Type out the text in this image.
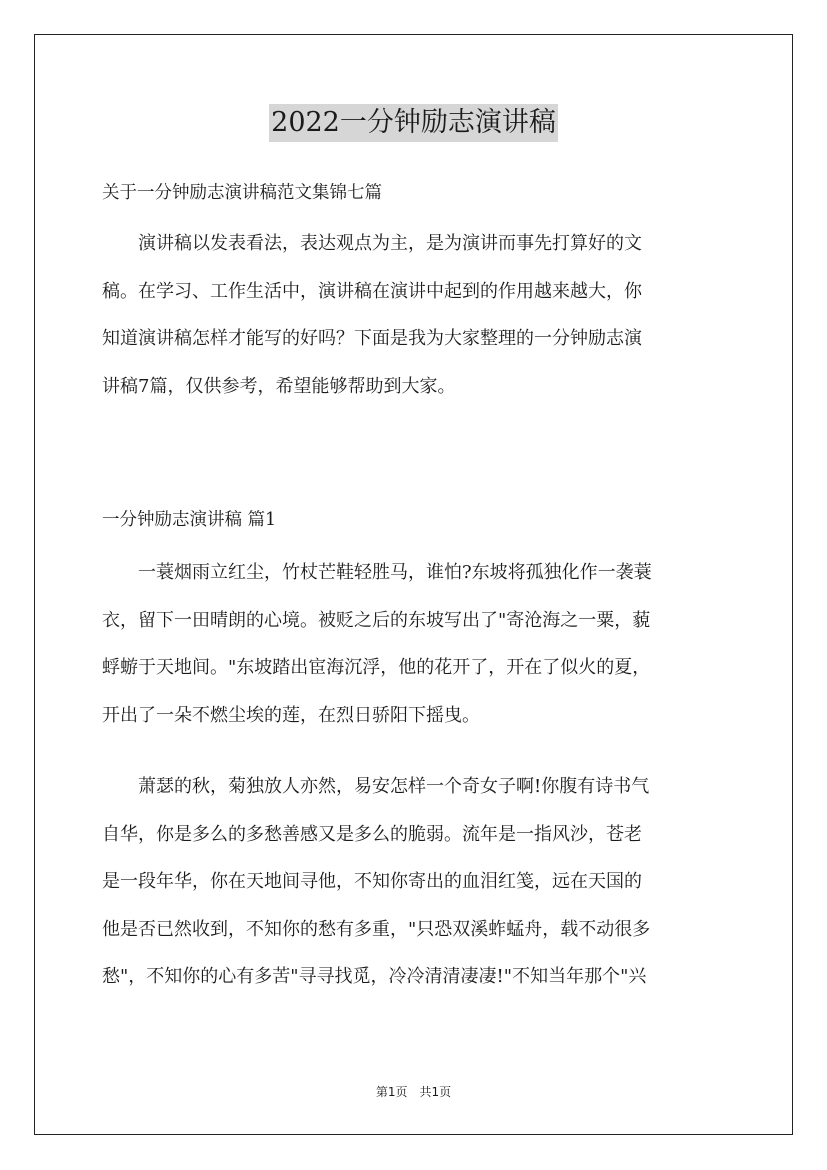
2022一分钟励志演讲稿
关于一分钟励志演讲稿范文集锦七篇
　　演讲稿以发表看法，表达观点为主，是为演讲而事先打算好的文
稿。在学习、工作生活中，演讲稿在演讲中起到的作用越来越大，你
知道演讲稿怎样才能写的好吗？下面是我为大家整理的一分钟励志演
讲稿7篇，仅供参考，希望能够帮助到大家。
一分钟励志演讲稿 篇1
　　一蓑烟雨立红尘，竹杖芒鞋轻胜马，谁怕?东坡将孤独化作一袭蓑
衣，留下一田晴朗的心境。被贬之后的东坡写出了"寄沧海之一粟，藐
蜉蝣于天地间。"东坡踏出宦海沉浮，他的花开了，开在了似火的夏，
开出了一朵不燃尘埃的莲，在烈日骄阳下摇曳。
　　萧瑟的秋，菊独放人亦然，易安怎样一个奇女子啊!你腹有诗书气
自华，你是多么的多愁善感又是多么的脆弱。流年是一指风沙，苍老
是一段年华，你在天地间寻他，不知你寄出的血泪红笺，远在天国的
他是否已然收到，不知你的愁有多重，"只恐双溪蚱蜢舟，载不动很多
愁"，不知你的心有多苦"寻寻找觅，冷冷清清凄凄!"不知当年那个"兴
第1页　共1页
